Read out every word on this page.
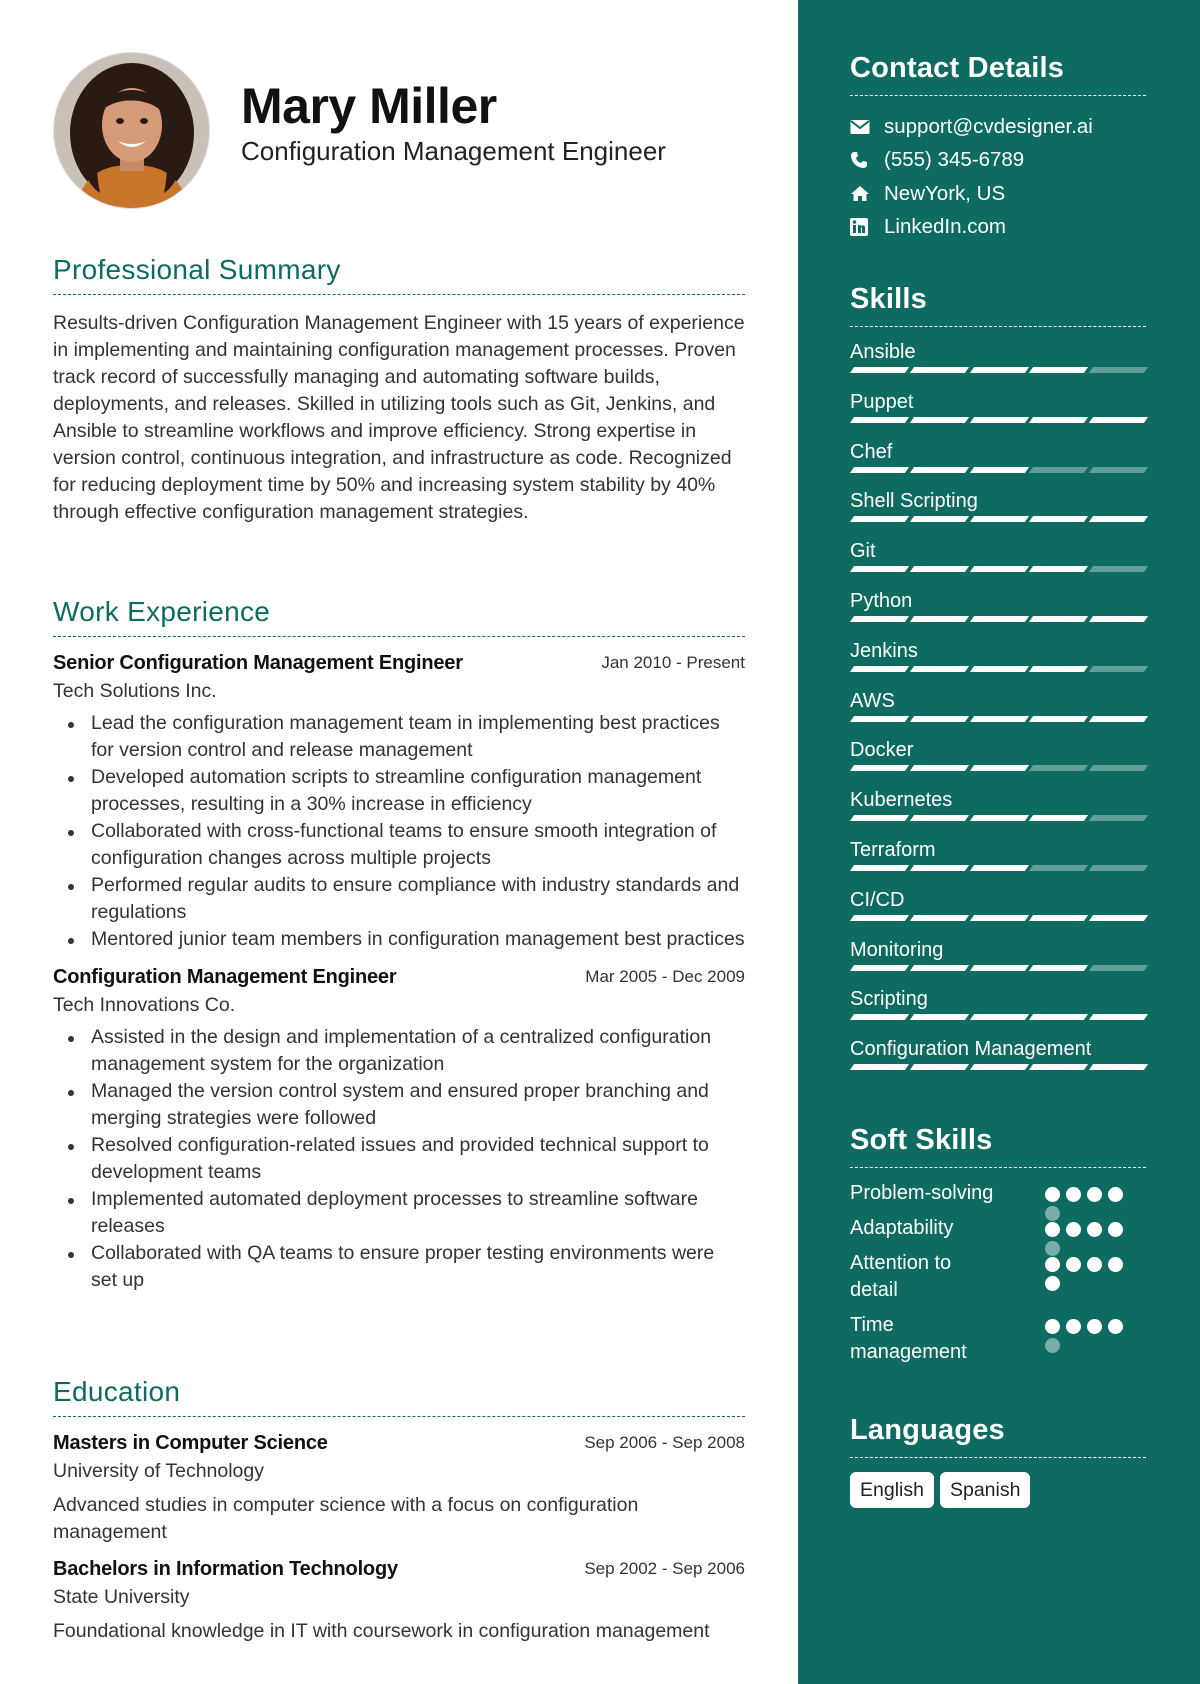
Mary Miller
Configuration Management Engineer
Professional Summary
Results-driven Configuration Management Engineer with 15 years of experience in implementing and maintaining configuration management processes. Proven track record of successfully managing and automating software builds, deployments, and releases. Skilled in utilizing tools such as Git, Jenkins, and Ansible to streamline workflows and improve efficiency. Strong expertise in version control, continuous integration, and infrastructure as code. Recognized for reducing deployment time by 50% and increasing system stability by 40% through effective configuration management strategies.
Work Experience
Senior Configuration Management Engineer	Jan 2010 - Present
Tech Solutions Inc.
Lead the configuration management team in implementing best practices for version control and release management
Developed automation scripts to streamline configuration management processes, resulting in a 30% increase in efficiency
Collaborated with cross-functional teams to ensure smooth integration of configuration changes across multiple projects
Performed regular audits to ensure compliance with industry standards and regulations
Mentored junior team members in configuration management best practices
Configuration Management Engineer	Mar 2005 - Dec 2009
Tech Innovations Co.
Assisted in the design and implementation of a centralized configuration management system for the organization
Managed the version control system and ensured proper branching and merging strategies were followed
Resolved configuration-related issues and provided technical support to development teams
Implemented automated deployment processes to streamline software releases
Collaborated with QA teams to ensure proper testing environments were set up
Education
Masters in Computer Science	Sep 2006 - Sep 2008
University of Technology
Advanced studies in computer science with a focus on configuration management
Bachelors in Information Technology	Sep 2002 - Sep 2006
State University
Foundational knowledge in IT with coursework in configuration management
Contact Details
support@cvdesigner.ai
(555) 345-6789
NewYork, US
LinkedIn.com
Skills
Ansible
Puppet
Chef
Shell Scripting
Git
Python
Jenkins
AWS
Docker
Kubernetes
Terraform
CI/CD
Monitoring
Scripting
Configuration Management
Soft Skills
Problem-solving
Adaptability
Attention to detail
Time management
Languages
English	Spanish
